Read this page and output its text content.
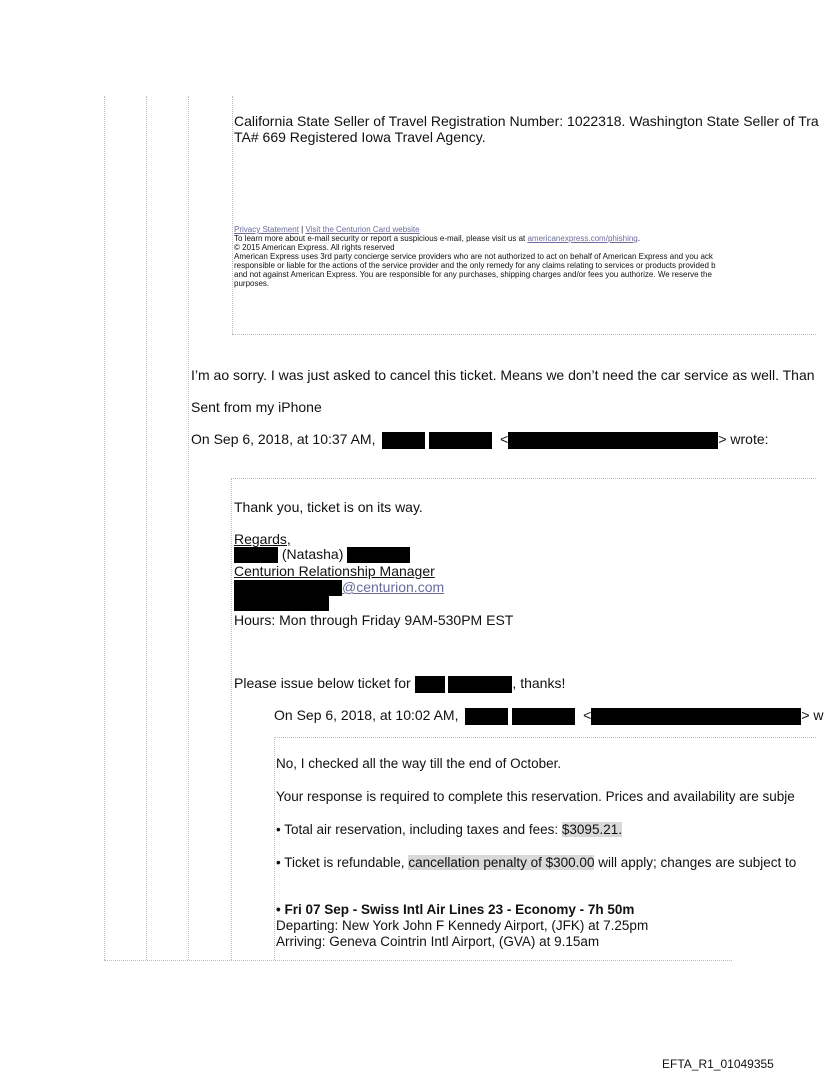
California State Seller of Travel Registration Number: 1022318. Washington State Seller of Tra
TA# 669 Registered Iowa Travel Agency.
Privacy Statement | Visit the Centurion Card website
To learn more about e-mail security or report a suspicious e-mail, please visit us at americanexpress.com/phishing.
© 2015 American Express. All rights reserved
American Express uses 3rd party concierge service providers who are not authorized to act on behalf of American Express and you ack
responsible or liable for the actions of the service provider and the only remedy for any claims relating to services or products provided b
and not against American Express. You are responsible for any purchases, shipping charges and/or fees you authorize. We reserve the
purposes.
I’m ao sorry. I was just asked to cancel this ticket. Means we don’t need the car service as well. Than
Sent from my iPhone
On Sep 6, 2018, at 10:37 AM,	<	> wrote:
Thank you, ticket is on its way.
Regards,
(Natasha)
Centurion Relationship Manager
@centurion.com
Hours: Mon through Friday 9AM-530PM EST
Please issue below ticket for	, thanks!
On Sep 6, 2018, at 10:02 AM,	<	> w
No, I checked all the way till the end of October.
Your response is required to complete this reservation. Prices and availability are subje
• Total air reservation, including taxes and fees: $3095.21.
• Ticket is refundable, cancellation penalty of $300.00 will apply; changes are subject to
• Fri 07 Sep - Swiss Intl Air Lines 23 - Economy - 7h 50m
Departing: New York John F Kennedy Airport, (JFK) at 7.25pm
Arriving: Geneva Cointrin Intl Airport, (GVA) at 9.15am
EFTA_R1_01049355
